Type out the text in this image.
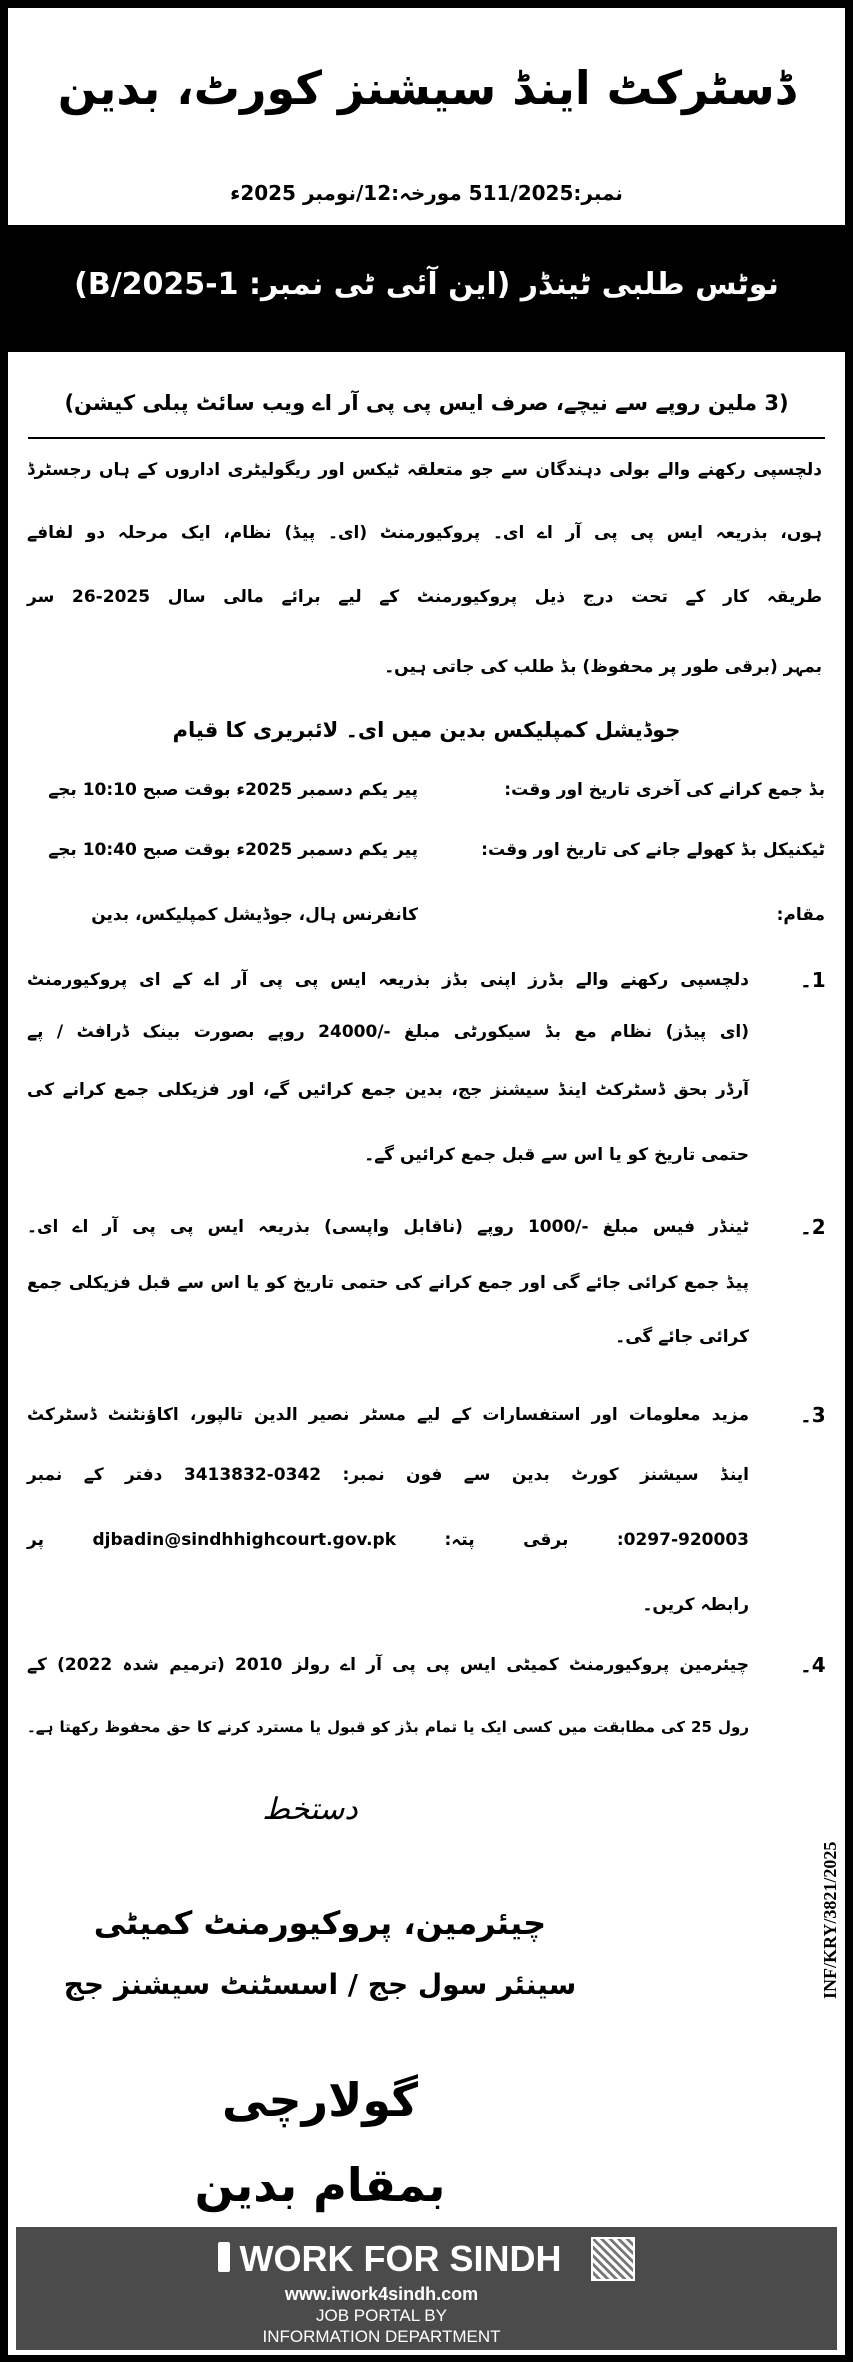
ڈسٹرکٹ اینڈ سیشنز کورٹ، بدین
نمبر:511/2025 مورخہ:12/نومبر 2025ء
نوٹس طلبی ٹینڈر (این آئی ٹی نمبر: 1-B/2025)
(3 ملین روپے سے نیچے، صرف ایس پی پی آر اے ویب سائٹ پبلی کیشن)
دلچسپی رکھنے والے بولی دہندگان سے جو متعلقہ ٹیکس اور ریگولیٹری اداروں کے ہاں رجسٹرڈ
ہوں، بذریعہ ایس پی پی آر اے ای۔ پروکیورمنٹ (ای۔ پیڈ) نظام، ایک مرحلہ دو لفافے
طریقہ کار کے تحت درج ذیل پروکیورمنٹ کے لیے برائے مالی سال 2025-26 سر
بمہر (برقی طور پر محفوظ) بڈ طلب کی جاتی ہیں۔
جوڈیشل کمپلیکس بدین میں ای۔ لائبریری کا قیام
بڈ جمع کرانے کی آخری تاریخ اور وقت:
پیر یکم دسمبر 2025ء بوقت صبح 10:10 بجے
ٹیکنیکل بڈ کھولے جانے کی تاریخ اور وقت:
پیر یکم دسمبر 2025ء بوقت صبح 10:40 بجے
مقام:
کانفرنس ہال، جوڈیشل کمپلیکس، بدین
1۔
دلچسپی رکھنے والے بڈرز اپنی بڈز بذریعہ ایس پی پی آر اے کے ای پروکیورمنٹ
(ای پیڈز) نظام مع بڈ سیکورٹی مبلغ -/24000 روپے بصورت بینک ڈرافٹ / پے
آرڈر بحق ڈسٹرکٹ اینڈ سیشنز جج، بدین جمع کرائیں گے، اور فزیکلی جمع کرانے کی
حتمی تاریخ کو یا اس سے قبل جمع کرائیں گے۔
2۔
ٹینڈر فیس مبلغ -/1000 روپے (ناقابل واپسی) بذریعہ ایس پی پی آر اے ای۔
پیڈ جمع کرائی جائے گی اور جمع کرانے کی حتمی تاریخ کو یا اس سے قبل فزیکلی جمع
کرائی جائے گی۔
3۔
مزید معلومات اور استفسارات کے لیے مسٹر نصیر الدین تالپور، اکاؤنٹنٹ ڈسٹرکٹ
اینڈ سیشنز کورٹ بدین سے فون نمبر: 0342-3413832 دفتر کے نمبر
0297-920003: برقی پتہ: djbadin@sindhhighcourt.gov.pk پر
رابطہ کریں۔
4۔
چیئرمین پروکیورمنٹ کمیٹی ایس پی پی آر اے رولز 2010 (ترمیم شدہ 2022) کے
رول 25 کی مطابقت میں کسی ایک یا تمام بڈز کو قبول یا مسترد کرنے کا حق محفوظ رکھتا ہے۔
دستخط
چیئرمین، پروکیورمنٹ کمیٹی
سینئر سول جج / اسسٹنٹ سیشنز جج
گولارچی
بمقام بدین
INF/KRY/3821/2025
WORK FOR SINDH
www.iwork4sindh.com
JOB PORTAL BY
INFORMATION DEPARTMENT
